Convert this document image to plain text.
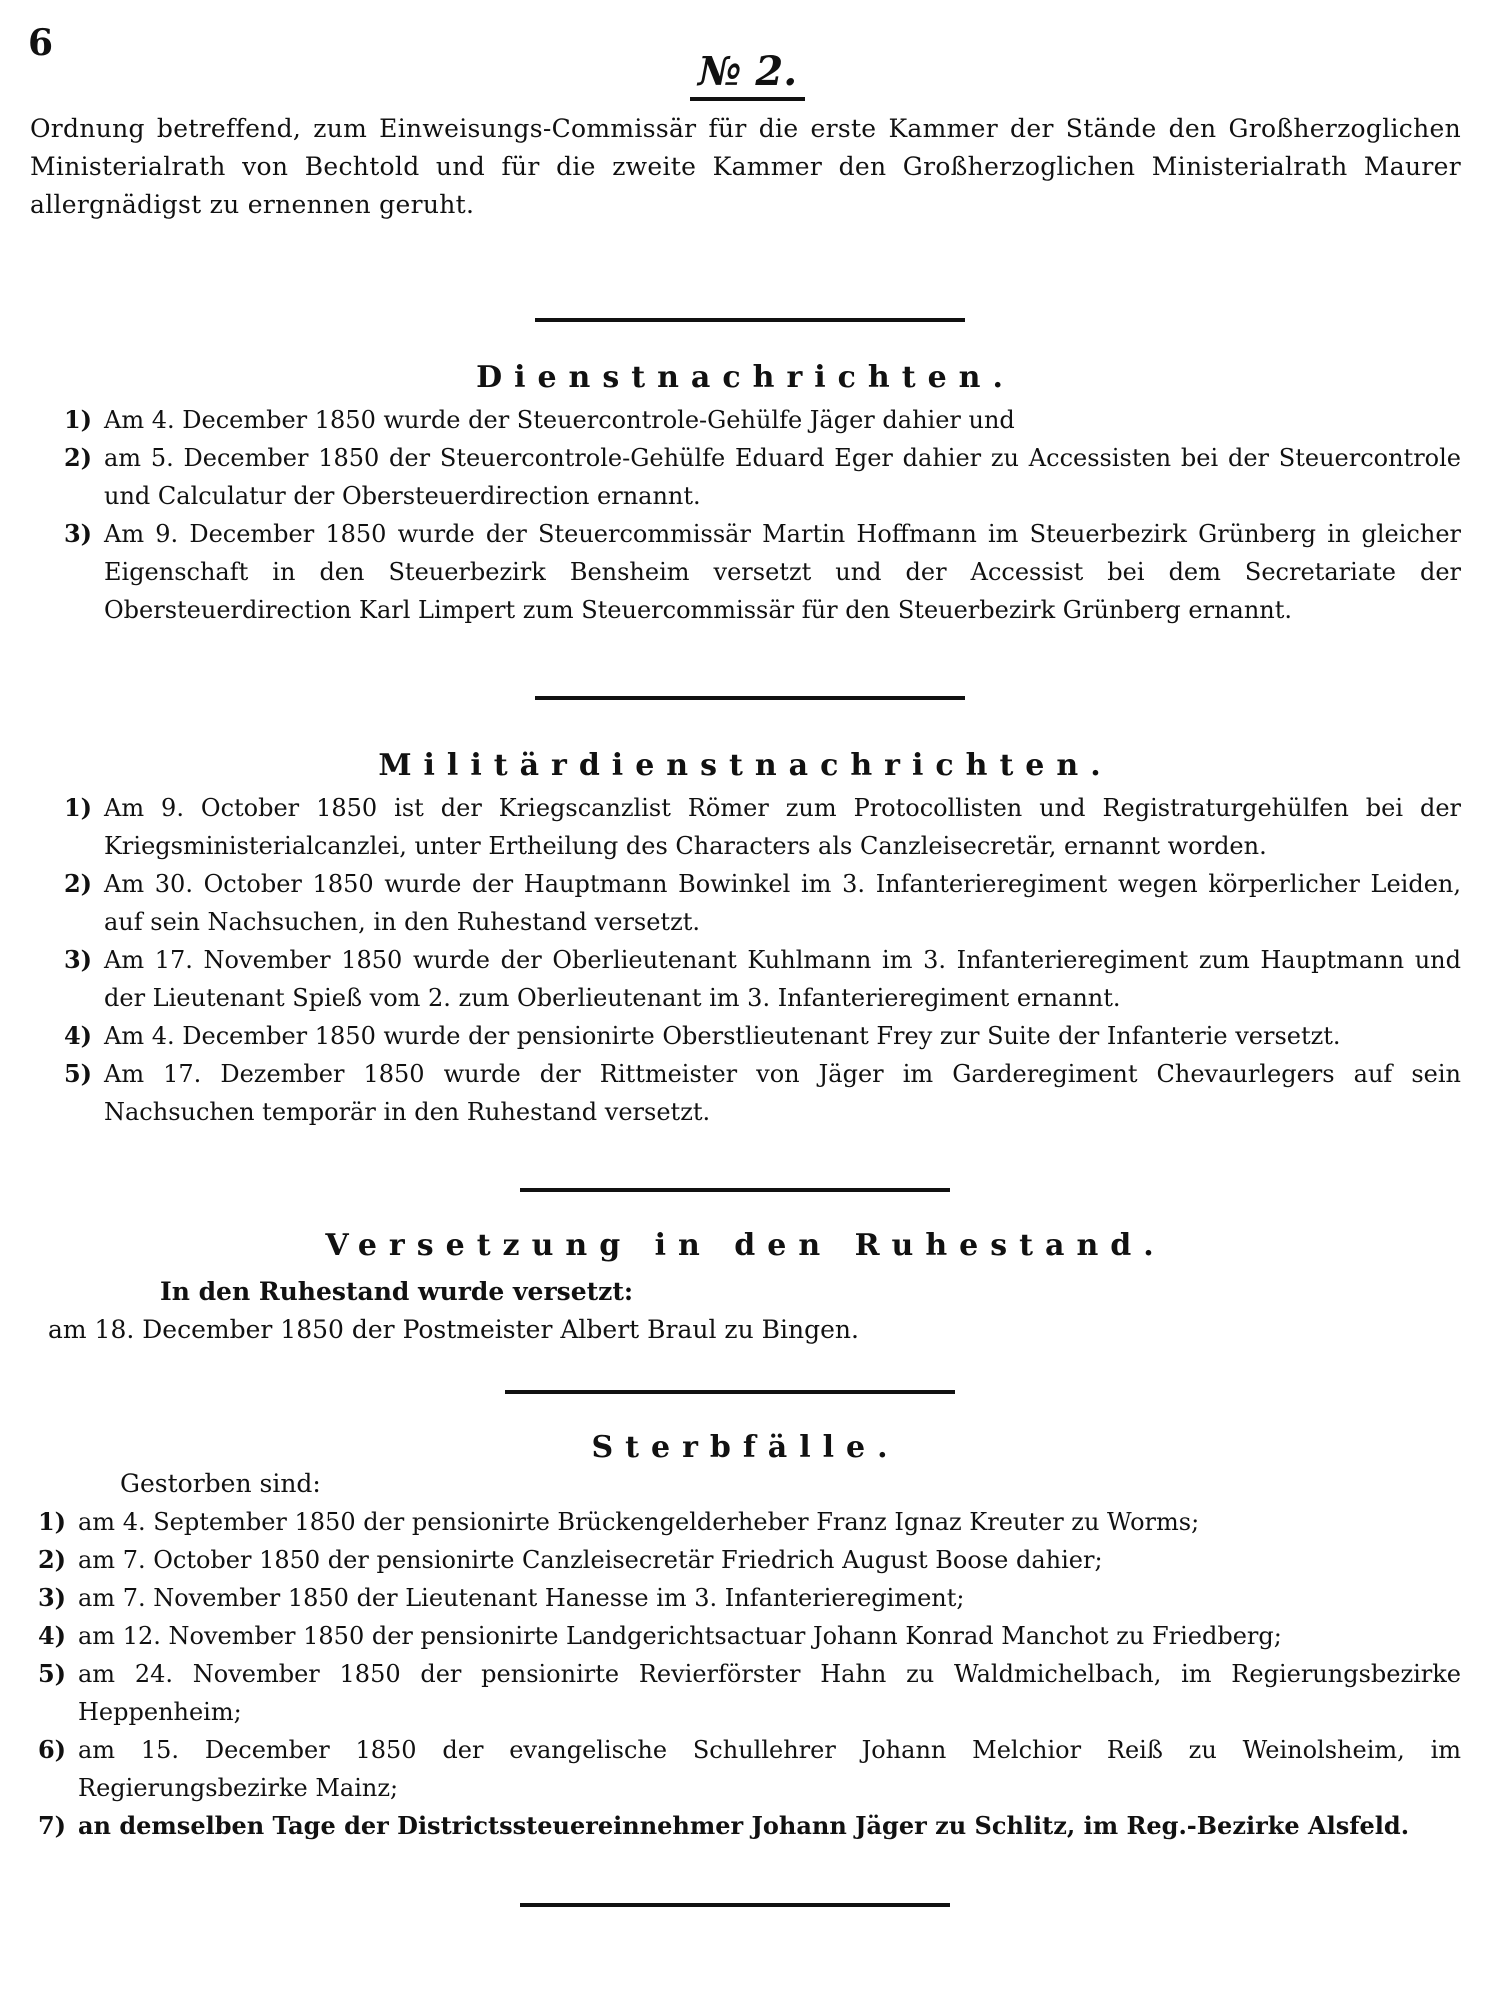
6
№ 2.
Ordnung betreffend, zum Einweisungs-Commissär für die erste Kammer der Stände den Großherzoglichen Ministerialrath von Bechtold und für die zweite Kammer den Großherzoglichen Ministerialrath Maurer allergnädigst zu ernennen geruht.
Dienstnachrichten.
1) Am 4. December 1850 wurde der Steuercontrole-Gehülfe Jäger dahier und
2) am 5. December 1850 der Steuercontrole-Gehülfe Eduard Eger dahier zu Accessisten bei der Steuercontrole und Calculatur der Obersteuerdirection ernannt.
3) Am 9. December 1850 wurde der Steuercommissär Martin Hoffmann im Steuerbezirk Grünberg in gleicher Eigenschaft in den Steuerbezirk Bensheim versetzt und der Accessist bei dem Secretariate der Obersteuerdirection Karl Limpert zum Steuercommissär für den Steuerbezirk Grünberg ernannt.
Militärdienstnachrichten.
1) Am 9. October 1850 ist der Kriegscanzlist Römer zum Protocollisten und Registraturgehülfen bei der Kriegsministerialcanzlei, unter Ertheilung des Characters als Canzleisecretär, ernannt worden.
2) Am 30. October 1850 wurde der Hauptmann Bowinkel im 3. Infanterieregiment wegen körperlicher Leiden, auf sein Nachsuchen, in den Ruhestand versetzt.
3) Am 17. November 1850 wurde der Oberlieutenant Kuhlmann im 3. Infanterieregiment zum Hauptmann und der Lieutenant Spieß vom 2. zum Oberlieutenant im 3. Infanterieregiment ernannt.
4) Am 4. December 1850 wurde der pensionirte Oberstlieutenant Frey zur Suite der Infanterie versetzt.
5) Am 17. Dezember 1850 wurde der Rittmeister von Jäger im Garderegiment Chevaurlegers auf sein Nachsuchen temporär in den Ruhestand versetzt.
Versetzung in den Ruhestand.
In den Ruhestand wurde versetzt:
am 18. December 1850 der Postmeister Albert Braul zu Bingen.
Sterbfälle.
Gestorben sind:
1) am 4. September 1850 der pensionirte Brückengelderheber Franz Ignaz Kreuter zu Worms;
2) am 7. October 1850 der pensionirte Canzleisecretär Friedrich August Boose dahier;
3) am 7. November 1850 der Lieutenant Hanesse im 3. Infanterieregiment;
4) am 12. November 1850 der pensionirte Landgerichtsactuar Johann Konrad Manchot zu Friedberg;
5) am 24. November 1850 der pensionirte Revierförster Hahn zu Waldmichelbach, im Regierungsbezirke Heppenheim;
6) am 15. December 1850 der evangelische Schullehrer Johann Melchior Reiß zu Weinolsheim, im Regierungsbezirke Mainz;
7) an demselben Tage der Districtssteuereinnehmer Johann Jäger zu Schlitz, im Reg.-Bezirke Alsfeld.
